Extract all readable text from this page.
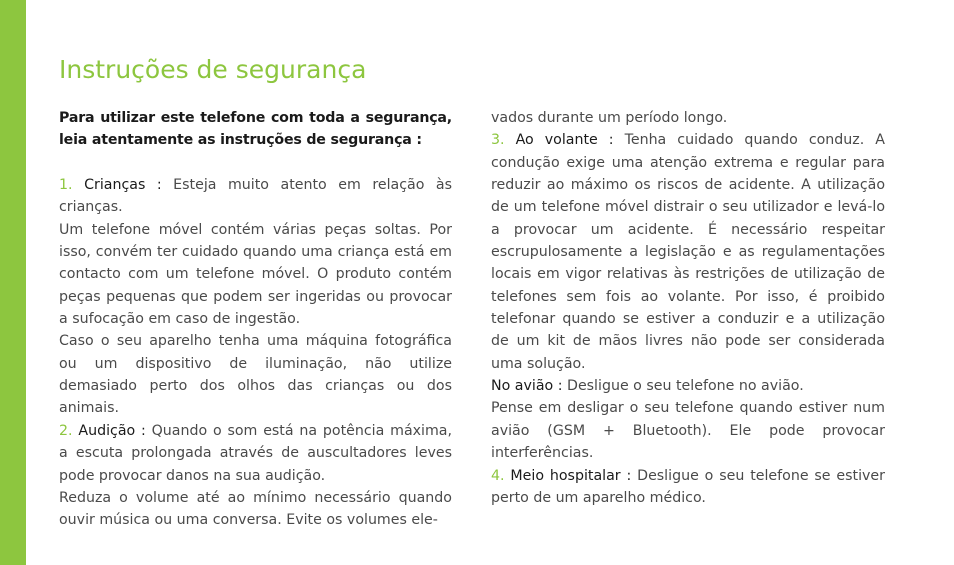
Instruções de segurança

Para utilizar este telefone com toda a segurança, leia atentamente as instruções de segurança :

1. Crianças : Esteja muito atento em relação às crianças.

Um telefone móvel contém várias peças soltas. Por isso, convém ter cuidado quando uma criança está em contacto com um telefone móvel. O produto contém peças pequenas que podem ser ingeridas ou provocar a sufocação em caso de ingestão.

Caso o seu aparelho tenha uma máquina fotográfica ou um dispositivo de iluminação, não utilize demasiado perto dos olhos das crianças ou dos animais.

2. Audição : Quando o som está na potência máxima, a escuta prolongada através de auscultadores leves pode provocar danos na sua audição.

Reduza o volume até ao mínimo necessário quando ouvir música ou uma conversa. Evite os volumes ele-

vados durante um período longo.

3. Ao volante : Tenha cuidado quando conduz. A condução exige uma atenção extrema e regular para reduzir ao máximo os riscos de acidente. A utilização de um telefone móvel distrair o seu utilizador e levá-lo a provocar um acidente. É necessário respeitar escrupulosamente a legislação e as regulamentações locais em vigor relativas às restrições de utilização de telefones sem fois ao volante. Por isso, é proibido telefonar quando se estiver a conduzir e a utilização de um kit de mãos livres não pode ser considerada uma solução.

No avião : Desligue o seu telefone no avião.

Pense em desligar o seu telefone quando estiver num avião (GSM + Bluetooth). Ele pode provocar interferências.

4. Meio hospitalar : Desligue o seu telefone se estiver perto de um aparelho médico.
